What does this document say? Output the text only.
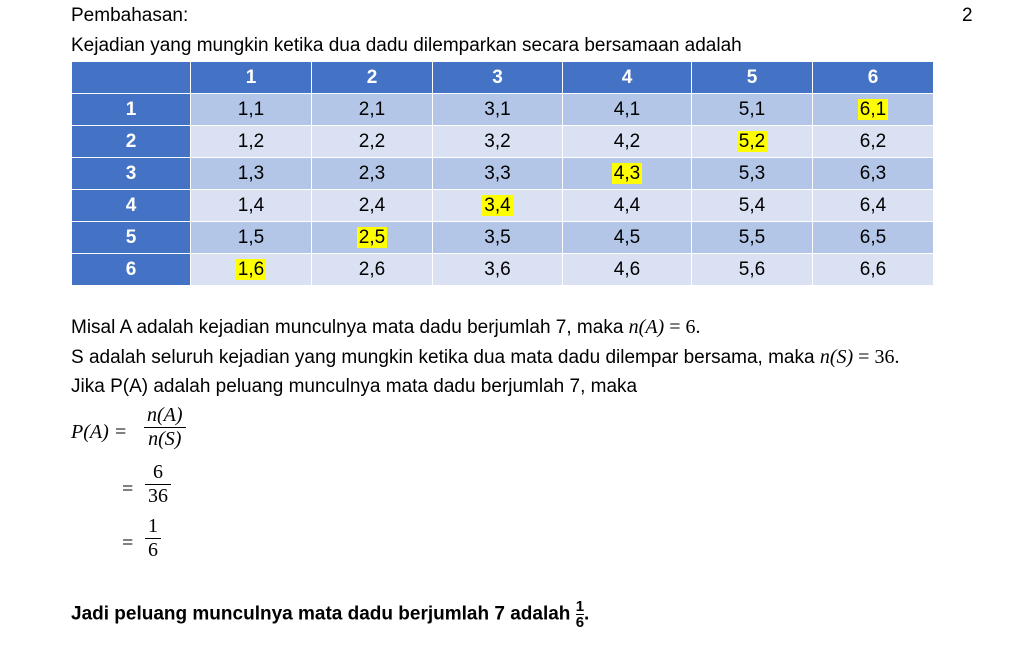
Pembahasan:	2
Kejadian yang mungkin ketika dua dadu dilemparkan secara bersamaan adalah
	1	2	3	4	5	6
1	1,1	2,1	3,1	4,1	5,1	6,1
2	1,2	2,2	3,2	4,2	5,2	6,2
3	1,3	2,3	3,3	4,3	5,3	6,3
4	1,4	2,4	3,4	4,4	5,4	6,4
5	1,5	2,5	3,5	4,5	5,5	6,5
6	1,6	2,6	3,6	4,6	5,6	6,6
Misal A adalah kejadian munculnya mata dadu berjumlah 7, maka n(A) = 6.
S adalah seluruh kejadian yang mungkin ketika dua mata dadu dilempar bersama, maka n(S) = 36.
Jika P(A) adalah peluang munculnya mata dadu berjumlah 7, maka
$P(A) = \frac{n(A)}{n(S)}$
= $\frac{6}{36}$
= $\frac{1}{6}$
Jadi peluang munculnya mata dadu berjumlah 7 adalah $\frac{1}{6}$ .
